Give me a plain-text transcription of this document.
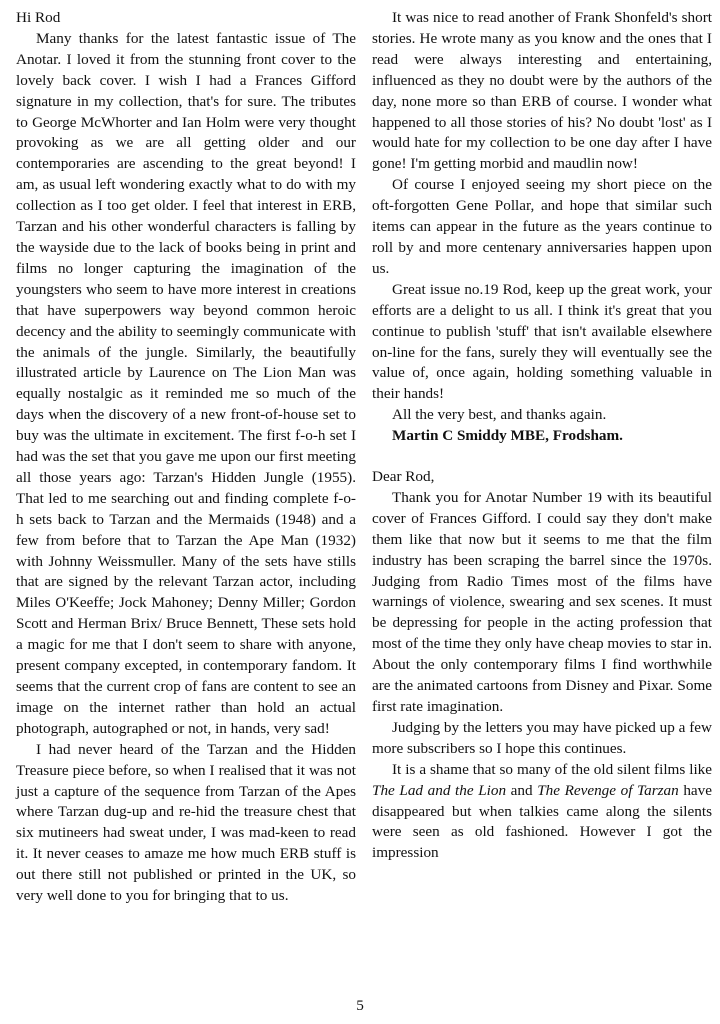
Hi Rod

Many thanks for the latest fantastic issue of The Anotar. I loved it from the stunning front cover to the lovely back cover. I wish I had a Frances Gifford signature in my collection, that's for sure. The tributes to George McWhorter and Ian Holm were very thought provoking as we are all getting older and our contemporaries are ascending to the great beyond! I am, as usual left wondering exactly what to do with my collection as I too get older. I feel that interest in ERB, Tarzan and his other wonderful characters is falling by the wayside due to the lack of books being in print and films no longer capturing the imagination of the youngsters who seem to have more interest in creations that have superpowers way beyond common heroic decency and the ability to seemingly communicate with the animals of the jungle. Similarly, the beautifully illustrated article by Laurence on The Lion Man was equally nostalgic as it reminded me so much of the days when the discovery of a new front-of-house set to buy was the ultimate in excitement. The first f-o-h set I had was the set that you gave me upon our first meeting all those years ago: Tarzan's Hidden Jungle (1955). That led to me searching out and finding complete f-o-h sets back to Tarzan and the Mermaids (1948) and a few from before that to Tarzan the Ape Man (1932) with Johnny Weissmuller. Many of the sets have stills that are signed by the relevant Tarzan actor, including Miles O'Keeffe; Jock Mahoney; Denny Miller; Gordon Scott and Herman Brix/ Bruce Bennett, These sets hold a magic for me that I don't seem to share with anyone, present company excepted, in contemporary fandom. It seems that the current crop of fans are content to see an image on the internet rather than hold an actual photograph, autographed or not, in hands, very sad!

I had never heard of the Tarzan and the Hidden Treasure piece before, so when I realised that it was not just a capture of the sequence from Tarzan of the Apes where Tarzan dug-up and re-hid the treasure chest that six mutineers had sweat under, I was mad-keen to read it. It never ceases to amaze me how much ERB stuff is out there still not published or printed in the UK, so very well done to you for bringing that to us.

It was nice to read another of Frank Shonfeld's short stories. He wrote many as you know and the ones that I read were always interesting and entertaining, influenced as they no doubt were by the authors of the day, none more so than ERB of course. I wonder what happened to all those stories of his? No doubt 'lost' as I would hate for my collection to be one day after I have gone! I'm getting morbid and maudlin now!

Of course I enjoyed seeing my short piece on the oft-forgotten Gene Pollar, and hope that similar such items can appear in the future as the years continue to roll by and more centenary anniversaries happen upon us.

Great issue no.19 Rod, keep up the great work, your efforts are a delight to us all. I think it's great that you continue to publish 'stuff' that isn't available elsewhere on-line for the fans, surely they will eventually see the value of, once again, holding something valuable in their hands!

All the very best, and thanks again.

Martin C Smiddy MBE, Frodsham.

Dear Rod,

Thank you for Anotar Number 19 with its beautiful cover of Frances Gifford. I could say they don't make them like that now but it seems to me that the film industry has been scraping the barrel since the 1970s. Judging from Radio Times most of the films have warnings of violence, swearing and sex scenes. It must be depressing for people in the acting profession that most of the time they only have cheap movies to star in. About the only contemporary films I find worthwhile are the animated cartoons from Disney and Pixar. Some first rate imagination.

Judging by the letters you may have picked up a few more subscribers so I hope this continues.

It is a shame that so many of the old silent films like The Lad and the Lion and The Revenge of Tarzan have disappeared but when talkies came along the silents were seen as old fashioned. However I got the impression

5
